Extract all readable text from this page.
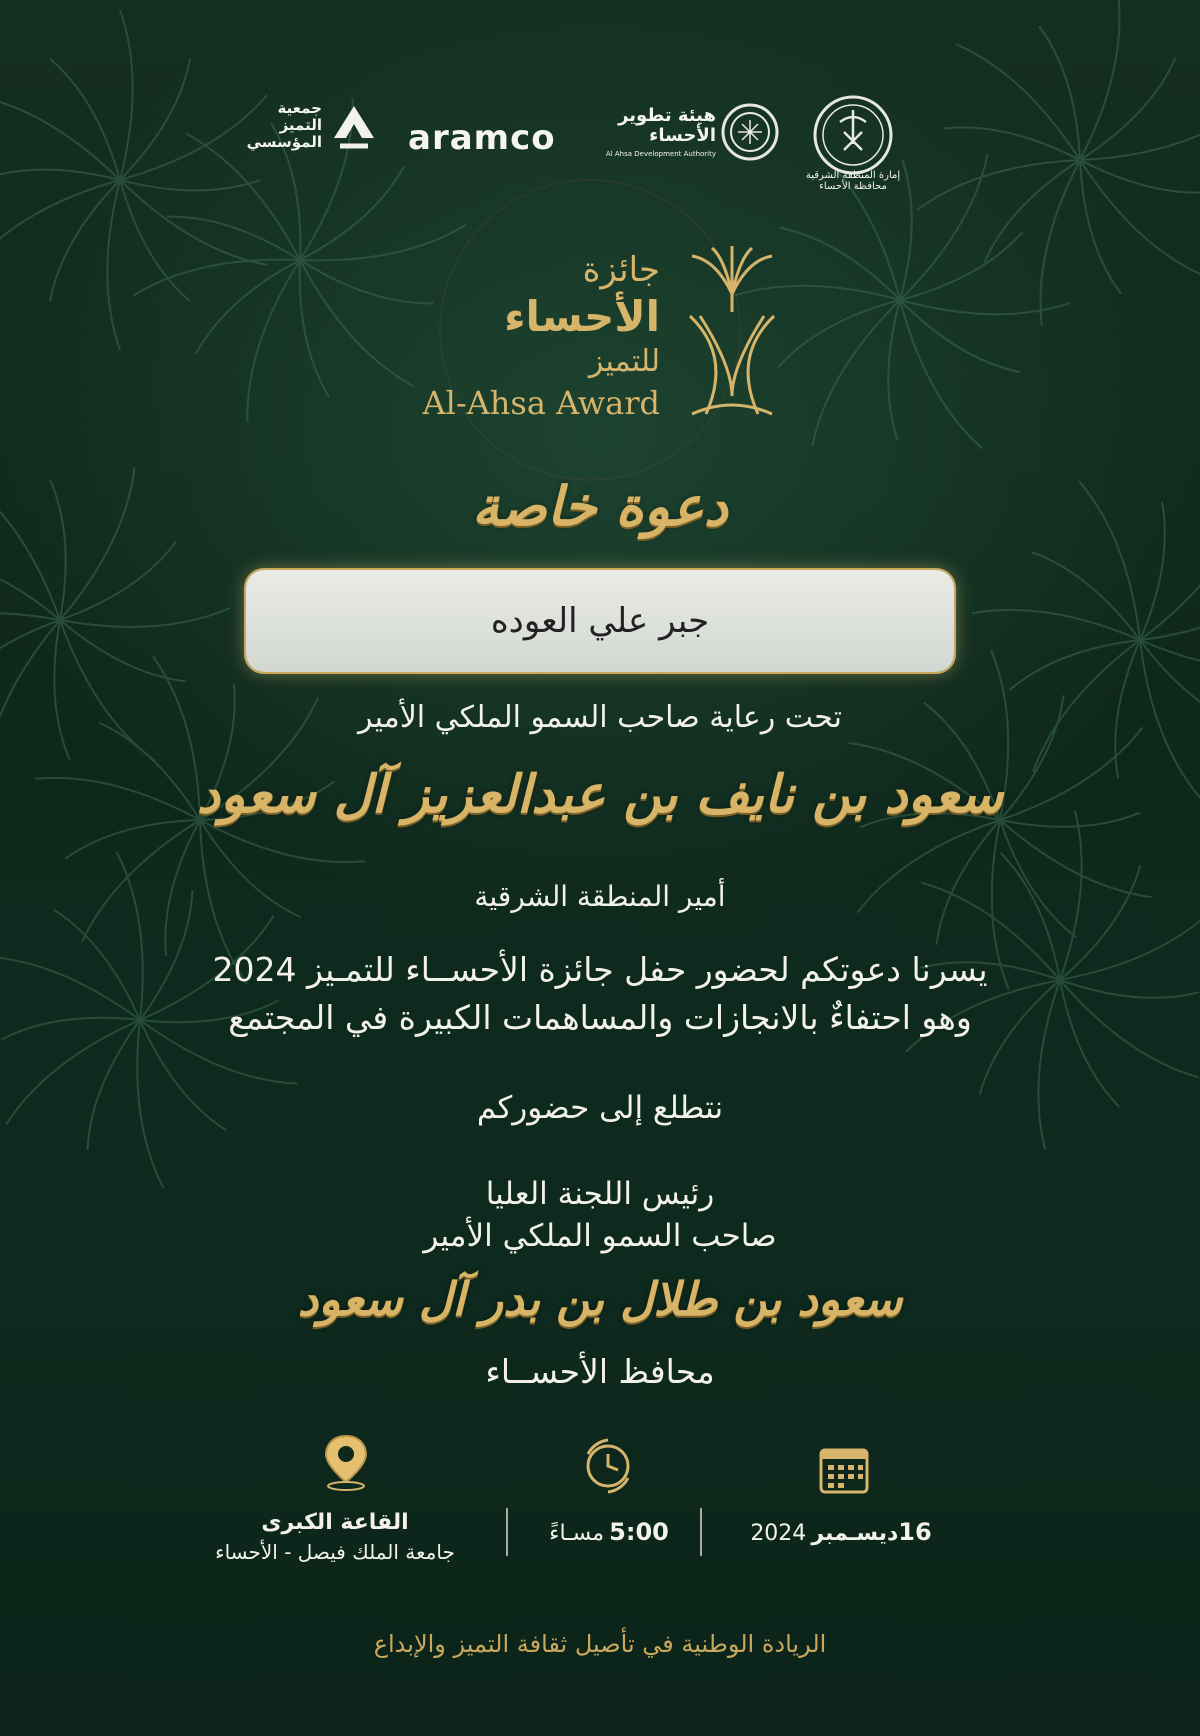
إمارة المنطقة الشرقية
محافظة الأحساء
هيئة تطوير
الأحساء
Al Ahsa Development Authority
aramco
جمعية
التميز
المؤسسي
جائزة
الأحساء
للتميز
Al-Ahsa Award
دعوة خاصة
جبر علي العوده
تحت رعاية صاحب السمو الملكي الأمير
سعود بن نايف بن عبدالعزيز آل سعود
أمير المنطقة الشرقية
يسرنا دعوتكم لحضور حفل جائزة الأحســاء للتمـيز 2024
وهو احتفاءٌ بالانجازات والمساهمات الكبيرة في المجتمع
نتطلع إلى حضوركم
رئيس اللجنة العليا
صاحب السمو الملكي الأمير
سعود بن طلال بن بدر آل سعود
محافظ الأحســاء
القاعة الكبرى
جامعة الملك فيصل - الأحساء
5:00 مسـاءً	16ديسـمبر 2024
الريادة الوطنية في تأصيل ثقافة التميز والإبداع
